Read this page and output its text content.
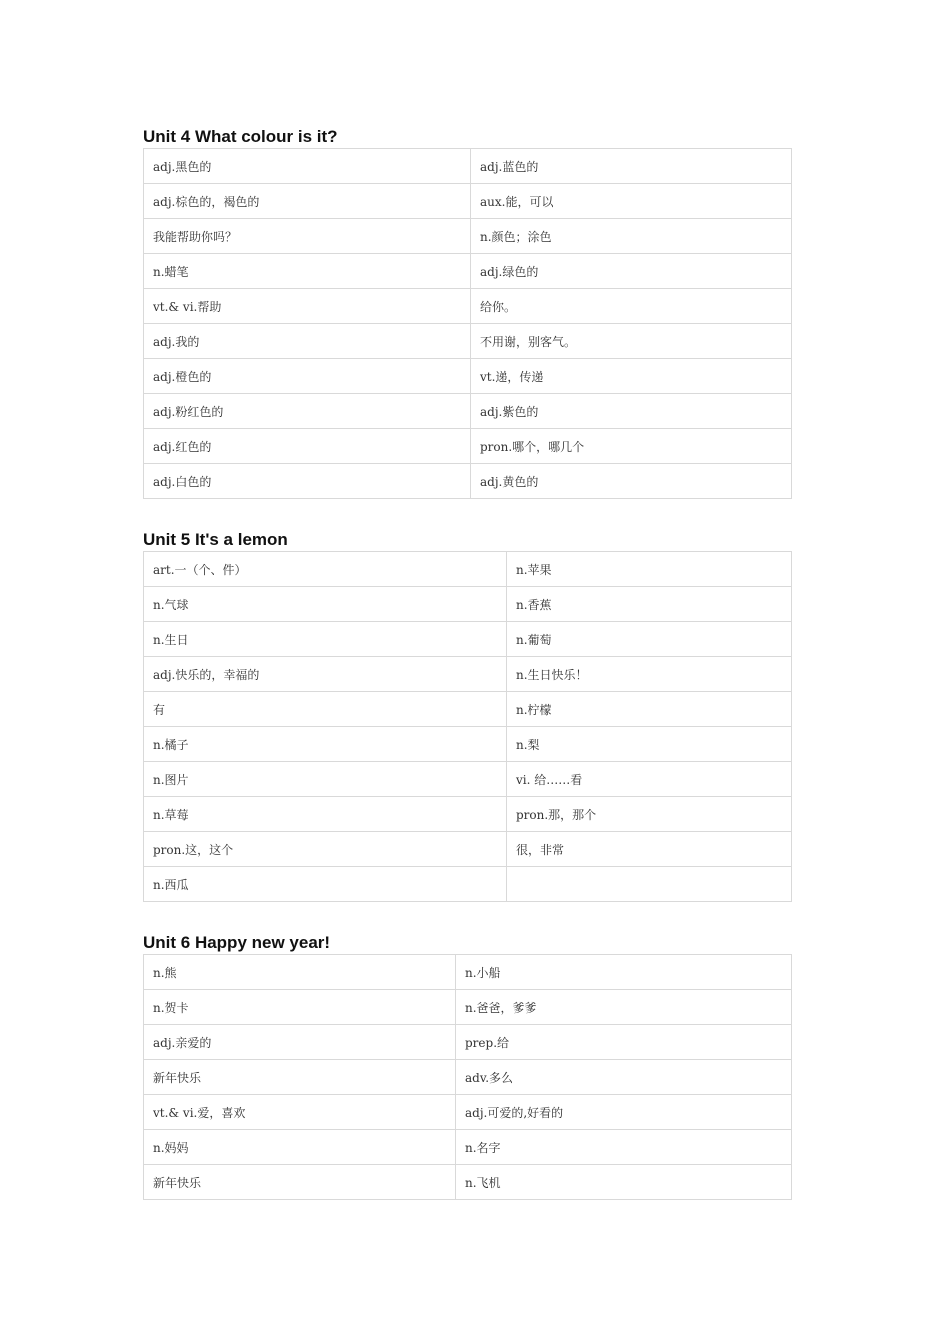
Unit 4 What colour is it?
adj.黑色的	adj.蓝色的
adj.棕色的，褐色的	aux.能，可以
我能帮助你吗？	n.颜色；涂色
n.蜡笔	adj.绿色的
vt.& vi.帮助	给你。
adj.我的	不用谢，别客气。
adj.橙色的	vt.递，传递
adj.粉红色的	adj.紫色的
adj.红色的	pron.哪个，哪几个
adj.白色的	adj.黄色的
Unit 5 It's a lemon
art.一（个、件）	n.苹果
n.气球	n.香蕉
n.生日	n.葡萄
adj.快乐的，幸福的	n.生日快乐！
有	n.柠檬
n.橘子	n.梨
n.图片	vi. 给……看
n.草莓	pron.那，那个
pron.这，这个	很，非常
n.西瓜	
Unit 6 Happy new year!
n.熊	n.小船
n.贺卡	n.爸爸，爹爹
adj.亲爱的	prep.给
新年快乐	adv.多么
vt.& vi.爱，喜欢	adj.可爱的,好看的
n.妈妈	n.名字
新年快乐	n.飞机
